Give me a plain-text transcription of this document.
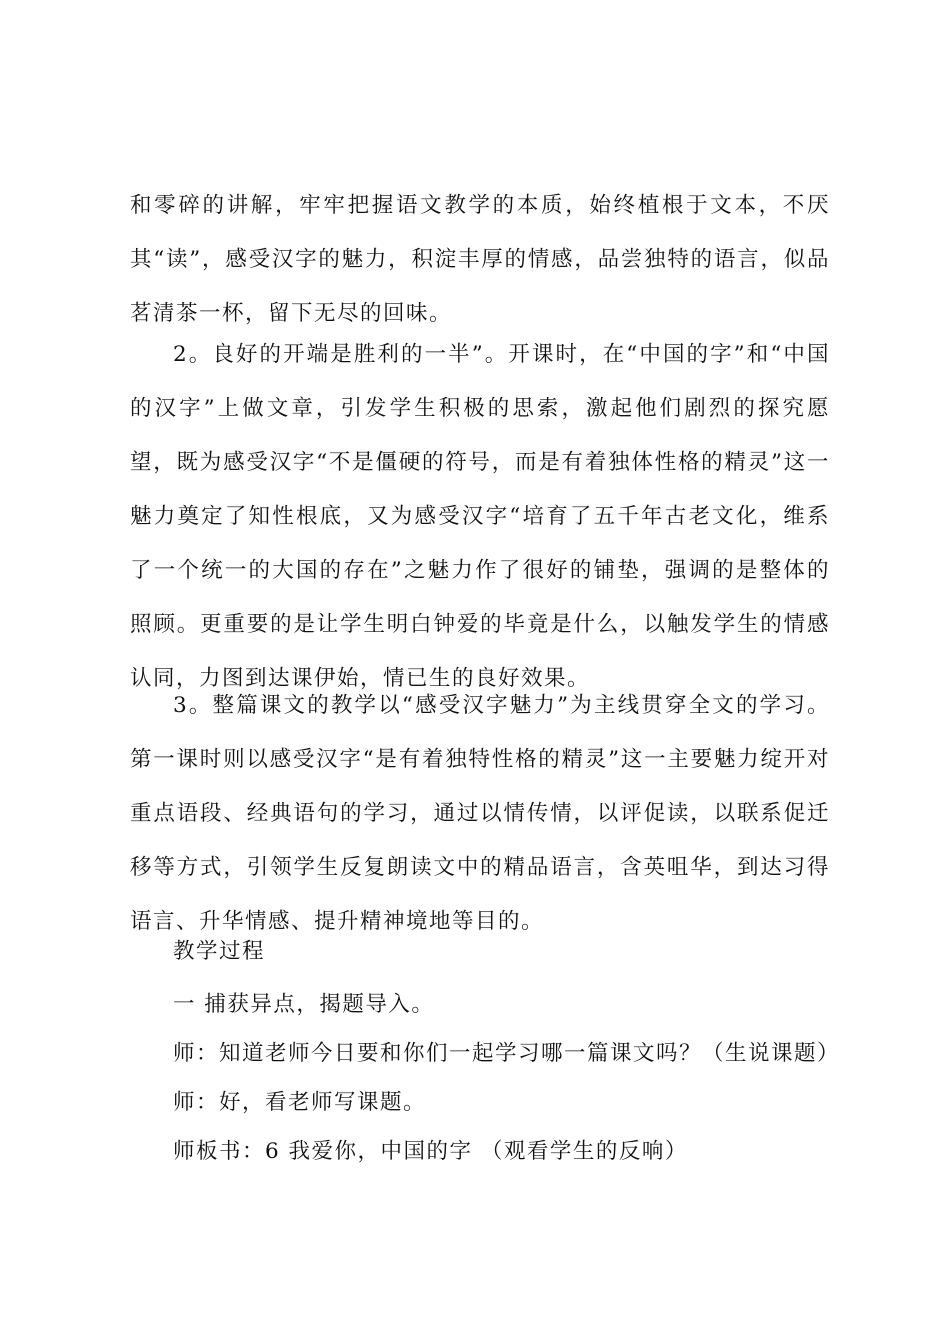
和零碎的讲解，牢牢把握语文教学的本质，始终植根于文本，不厌其“读”，感受汉字的魅力，积淀丰厚的情感，品尝独特的语言，似品茗清茶一杯，留下无尽的回味。

2。良好的开端是胜利的一半”。开课时，在“中国的字”和“中国的汉字”上做文章，引发学生积极的思索，激起他们剧烈的探究愿望，既为感受汉字“不是僵硬的符号，而是有着独体性格的精灵”这一魅力奠定了知性根底，又为感受汉字“培育了五千年古老文化，维系了一个统一的大国的存在”之魅力作了很好的铺垫，强调的是整体的照顾。更重要的是让学生明白钟爱的毕竟是什么，以触发学生的情感认同，力图到达课伊始，情已生的良好效果。

3。整篇课文的教学以“感受汉字魅力”为主线贯穿全文的学习。第一课时则以感受汉字“是有着独特性格的精灵”这一主要魅力绽开对重点语段、经典语句的学习，通过以情传情，以评促读，以联系促迁移等方式，引领学生反复朗读文中的精品语言，含英咀华，到达习得语言、升华情感、提升精神境地等目的。

教学过程

一 捕获异点，揭题导入。

师：知道老师今日要和你们一起学习哪一篇课文吗？（生说课题）

师：好，看老师写课题。

师板书：6 我爱你，中国的字 （观看学生的反响）
